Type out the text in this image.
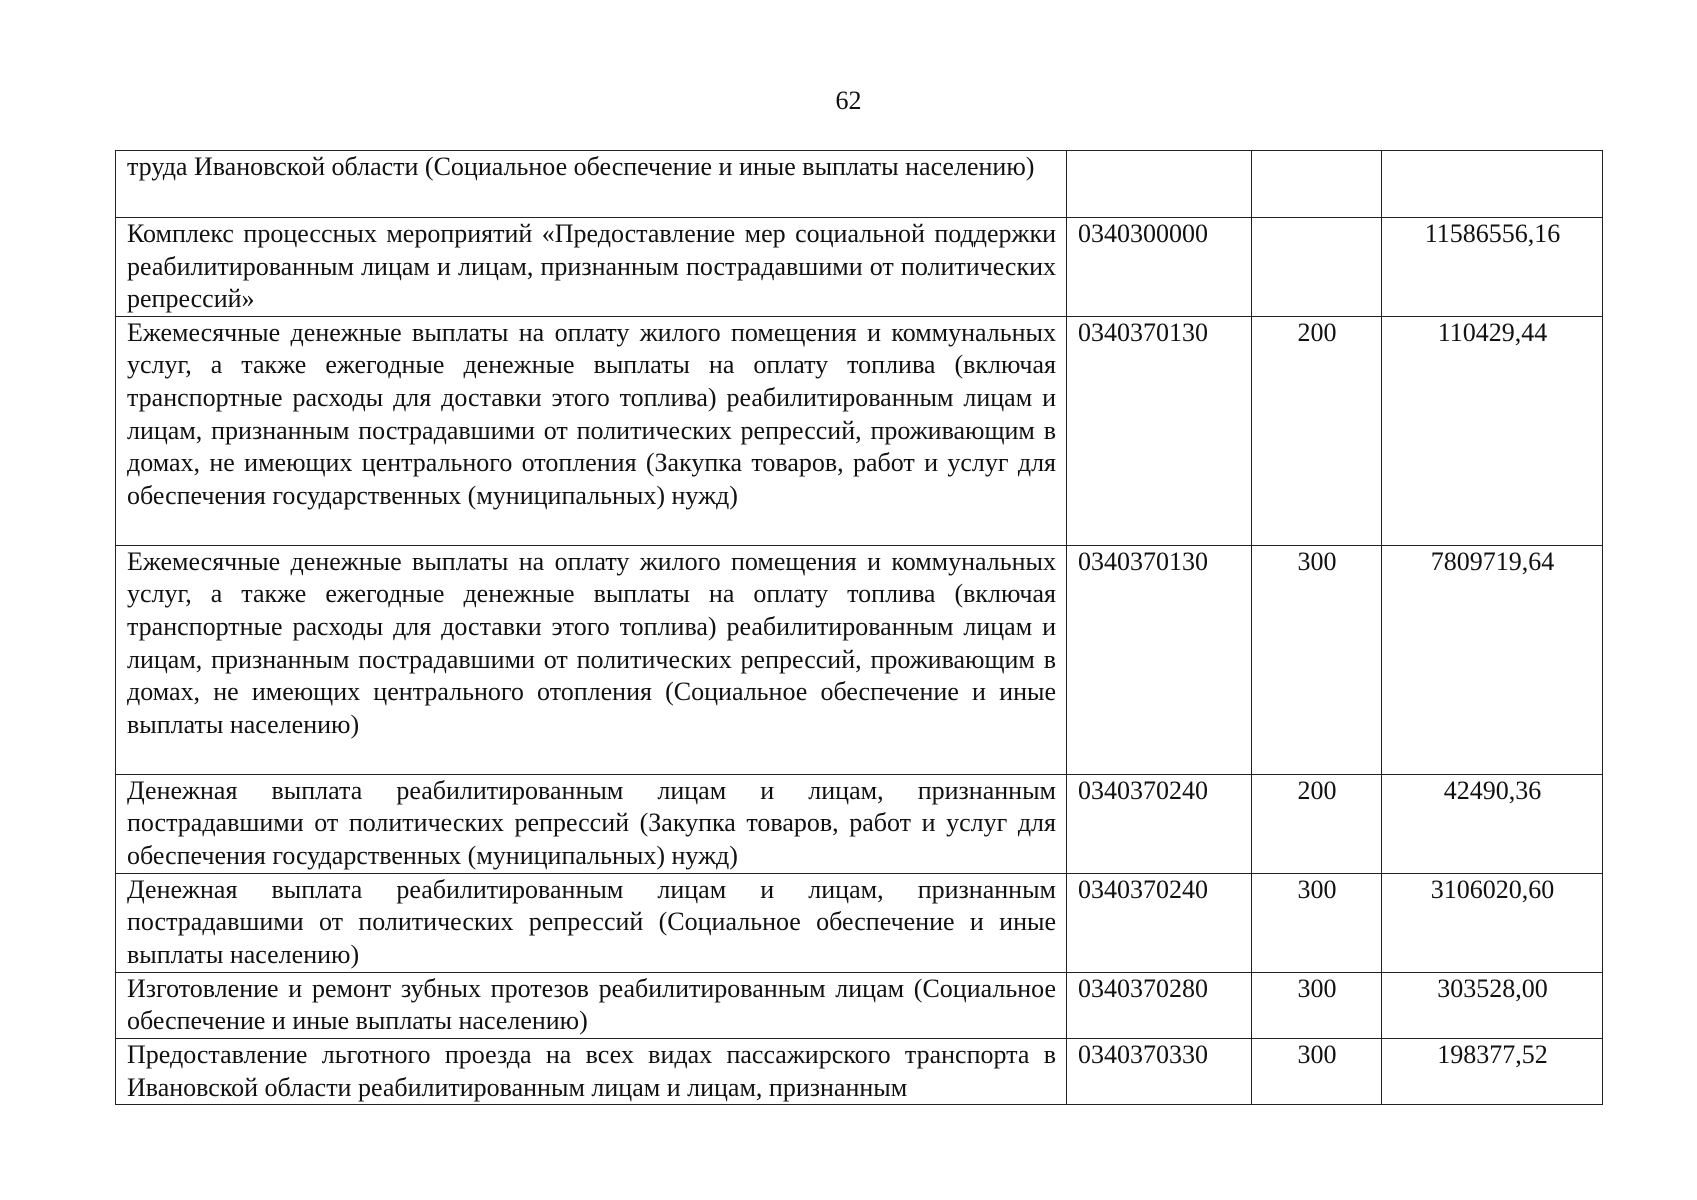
62
труда Ивановской области (Социальное обеспечение и иные выплаты населению)			
Комплекс процессных мероприятий «Предоставление мер социальной поддержки реабилитированным лицам и лицам, признанным пострадавшими от политических репрессий»	0340300000		11586556,16
Ежемесячные денежные выплаты на оплату жилого помещения и коммунальных услуг, а также ежегодные денежные выплаты на оплату топлива (включая транспортные расходы для доставки этого топлива) реабилитированным лицам и лицам, признанным пострадавшими от политических репрессий, проживающим в домах, не имеющих центрального отопления (Закупка товаров, работ и услуг для обеспечения государственных (муниципальных) нужд)	0340370130	200	110429,44
Ежемесячные денежные выплаты на оплату жилого помещения и коммунальных услуг, а также ежегодные денежные выплаты на оплату топлива (включая транспортные расходы для доставки этого топлива) реабилитированным лицам и лицам, признанным пострадавшими от политических репрессий, проживающим в домах, не имеющих центрального отопления (Социальное обеспечение и иные выплаты населению)	0340370130	300	7809719,64
Денежная выплата реабилитированным лицам и лицам, признанным пострадавшими от политических репрессий (Закупка товаров, работ и услуг для обеспечения государственных (муниципальных) нужд)	0340370240	200	42490,36
Денежная выплата реабилитированным лицам и лицам, признанным пострадавшими от политических репрессий (Социальное обеспечение и иные выплаты населению)	0340370240	300	3106020,60
Изготовление и ремонт зубных протезов реабилитированным лицам (Социальное обеспечение и иные выплаты населению)	0340370280	300	303528,00
Предоставление льготного проезда на всех видах пассажирского транспорта в Ивановской области реабилитированным лицам и лицам, признанным	0340370330	300	198377,52
